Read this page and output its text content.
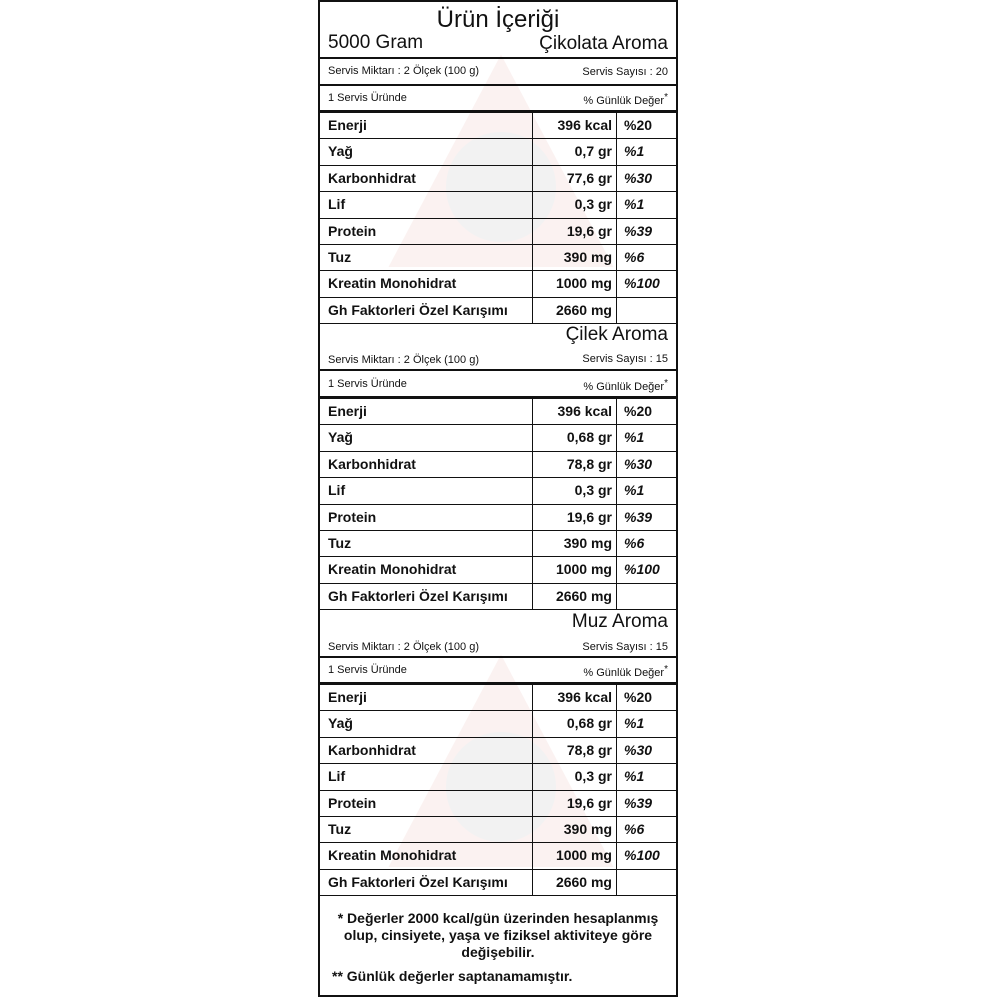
Ürün İçeriği
5000 Gram	Çikolata Aroma
Servis Miktarı : 2 Ölçek (100 g)	Servis Sayısı : 20
1 Servis Üründe	% Günlük Değer*
Enerji	396 kcal %20
Yağ	0,7 gr %1
Karbonhidrat	77,6 gr %30
Lif	0,3 gr %1
Protein	19,6 gr %39
Tuz	390 mg %6
Kreatin Monohidrat	1000 mg %100
Gh Faktorleri Özel Karışımı	2660 mg
Çilek Aroma
Servis Miktarı : 2 Ölçek (100 g)	Servis Sayısı : 15
1 Servis Üründe	% Günlük Değer*
Enerji	396 kcal %20
Yağ	0,68 gr %1
Karbonhidrat	78,8 gr %30
Lif	0,3 gr %1
Protein	19,6 gr %39
Tuz	390 mg %6
Kreatin Monohidrat	1000 mg %100
Gh Faktorleri Özel Karışımı	2660 mg
Muz Aroma
Servis Miktarı : 2 Ölçek (100 g)	Servis Sayısı : 15
1 Servis Üründe	% Günlük Değer*
Enerji	396 kcal %20
Yağ	0,68 gr %1
Karbonhidrat	78,8 gr %30
Lif	0,3 gr %1
Protein	19,6 gr %39
Tuz	390 mg %6
Kreatin Monohidrat	1000 mg %100
Gh Faktorleri Özel Karışımı	2660 mg
* Değerler 2000 kcal/gün üzerinden hesaplanmış olup, cinsiyete, yaşa ve fiziksel aktiviteye göre değişebilir.
** Günlük değerler saptanamamıştır.
